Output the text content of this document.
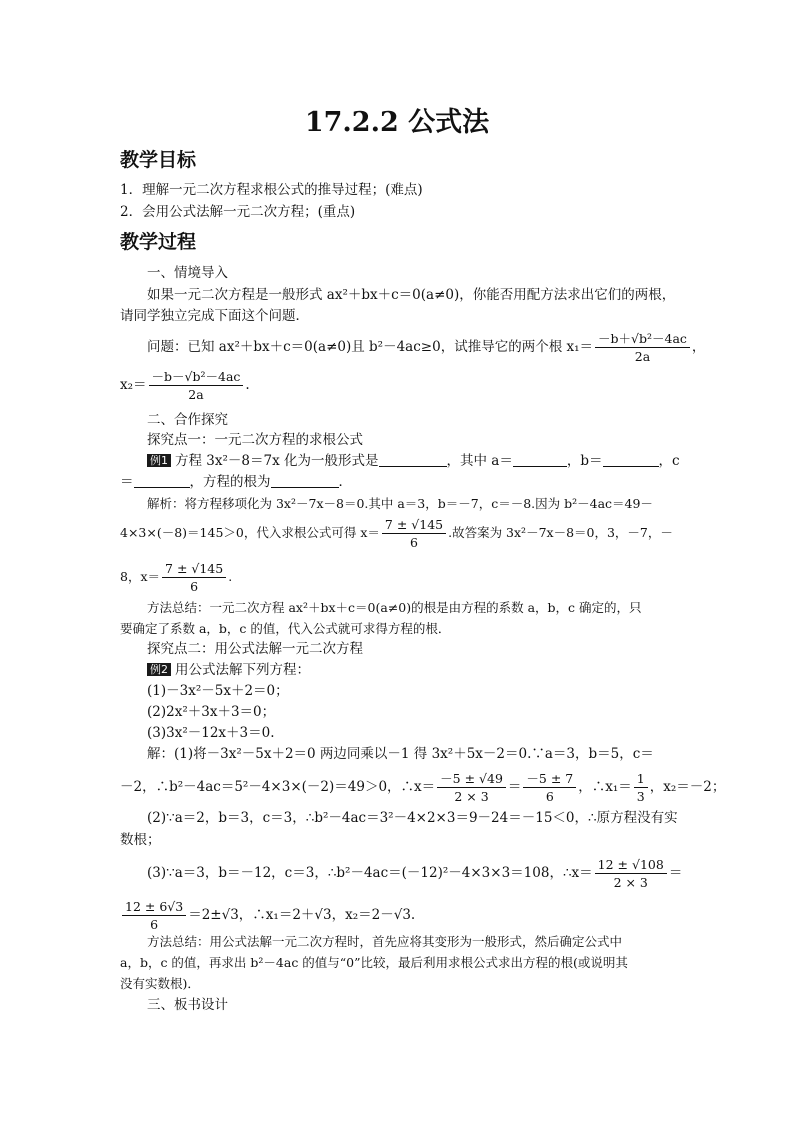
17.2.2 公式法
教学目标
1．理解一元二次方程求根公式的推导过程；(难点)
2．会用公式法解一元二次方程；(重点)
教学过程
一、情境导入
如果一元二次方程是一般形式 ax²＋bx＋c＝0(a≠0)，你能否用配方法求出它们的两根，
请同学独立完成下面这个问题．
问题：已知 ax²＋bx＋c＝0(a≠0)且 b²－4ac≥0，试推导它的两个根 $x_1= \frac{\text{－b＋√b²－4ac}}{2a}$ ，
$x_2= \frac{\text{－b－√b²－4ac}}{2a}$ .
二、合作探究
探究点一：一元二次方程的求根公式
例1 方程 3x²－8＝7x 化为一般形式是	，其中 a＝	，b＝	，c
＝	，方程的根为	．
解析：将方程移项化为 3x²－7x－8＝0.其中 a＝3，b＝－7，c＝－8.因为 b²－4ac＝49－
4×3×(－8)＝145＞0，代入求根公式可得 $x= \frac{7 \pm √145}{6}$ .故答案为 3x²－7x－8＝0，3，－7，－
8，$x= \frac{7 \pm √145}{6}$ .
方法总结：一元二次方程 ax²＋bx＋c＝0(a≠0)的根是由方程的系数 a，b，c 确定的，只
要确定了系数 a，b，c 的值，代入公式就可求得方程的根．
探究点二：用公式法解一元二次方程
例2 用公式法解下列方程：
(1)－3x²－5x＋2＝0；
(2)2x²＋3x＋3＝0；
(3)3x²－12x＋3＝0.
解：(1)将－3x²－5x＋2＝0 两边同乘以－1 得 3x²＋5x－2＝0.∵a＝3，b＝5，c＝
－2，∴b²－4ac＝5²－4×3×(－2)＝49＞0，∴x＝ $\frac{-5 \pm √49}{2 \times 3} = \frac{-5 \pm 7}{6}$ ，∴x₁＝ $\frac{1}{3}$ ，x₂＝－2；
(2)∵a＝2，b＝3，c＝3，∴b²－4ac＝3²－4×2×3＝9－24＝－15＜0，∴原方程没有实
数根；
(3)∵a＝3，b＝－12，c＝3，∴b²－4ac＝(－12)²－4×3×3＝108，∴x＝ $\frac{12 \pm √108}{2 \times 3}$ ＝
$\frac{12 \pm 6√3}{6} =2\pm√3$，∴x₁＝2＋√3，x₂＝2－√3.
方法总结：用公式法解一元二次方程时，首先应将其变形为一般形式，然后确定公式中
a，b，c 的值，再求出 b²－4ac 的值与“0”比较，最后利用求根公式求出方程的根(或说明其
没有实数根)．
三、板书设计
